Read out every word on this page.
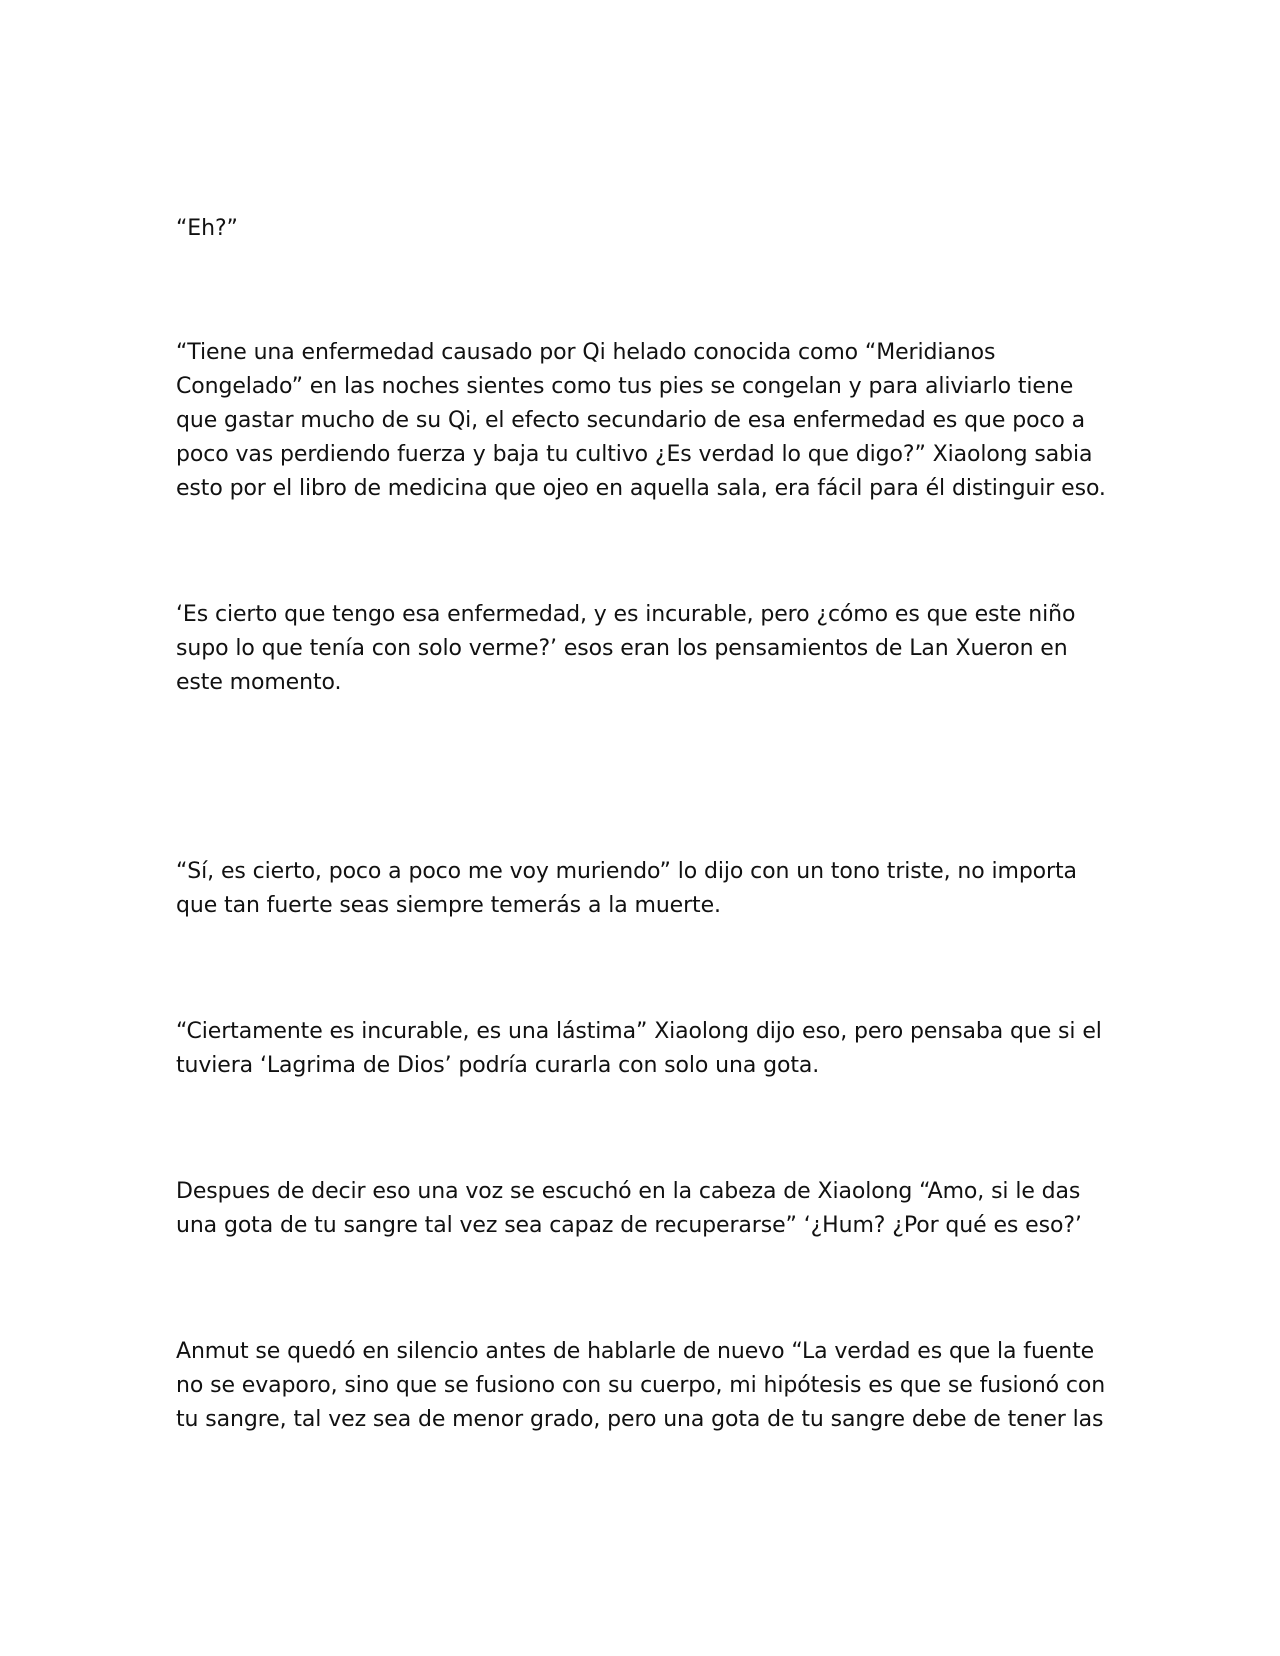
“Eh?”

“Tiene una enfermedad causado por Qi helado conocida como “Meridianos Congelado” en las noches sientes como tus pies se congelan y para aliviarlo tiene que gastar mucho de su Qi, el efecto secundario de esa enfermedad es que poco a poco vas perdiendo fuerza y baja tu cultivo ¿Es verdad lo que digo?” Xiaolong sabia esto por el libro de medicina que ojeo en aquella sala, era fácil para él distinguir eso.

‘Es cierto que tengo esa enfermedad, y es incurable, pero ¿cómo es que este niño supo lo que tenía con solo verme?’ esos eran los pensamientos de Lan Xueron en este momento.

“Sí, es cierto, poco a poco me voy muriendo” lo dijo con un tono triste, no importa que tan fuerte seas siempre temerás a la muerte.

“Ciertamente es incurable, es una lástima” Xiaolong dijo eso, pero pensaba que si el tuviera ‘Lagrima de Dios’ podría curarla con solo una gota.

Despues de decir eso una voz se escuchó en la cabeza de Xiaolong “Amo, si le das una gota de tu sangre tal vez sea capaz de recuperarse” ‘¿Hum? ¿Por qué es eso?’

Anmut se quedó en silencio antes de hablarle de nuevo “La verdad es que la fuente no se evaporo, sino que se fusiono con su cuerpo, mi hipótesis es que se fusionó con tu sangre, tal vez sea de menor grado, pero una gota de tu sangre debe de tener las
